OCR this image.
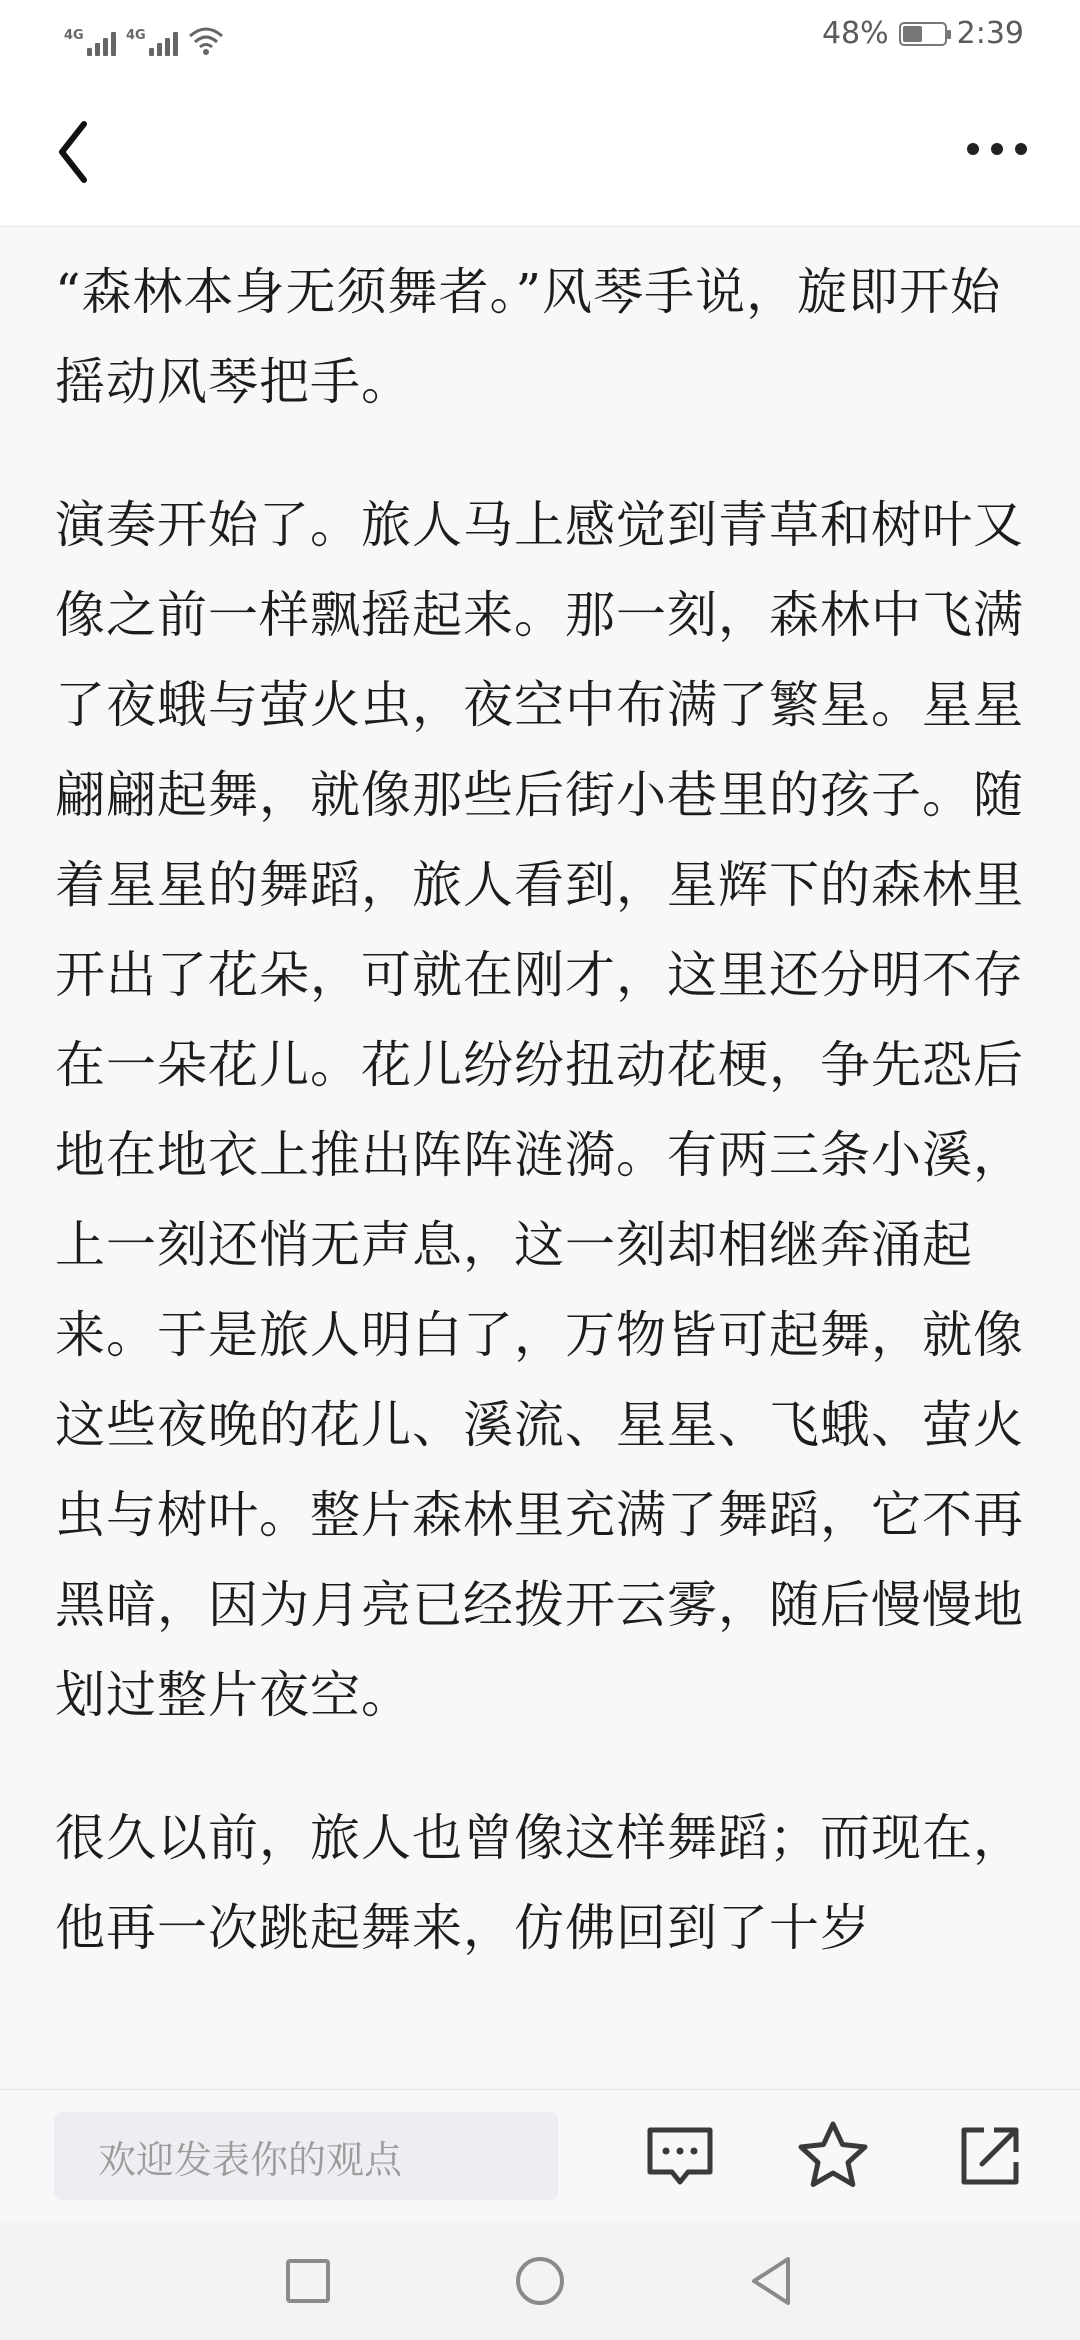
4G	4G	48% 2:39

“森林本身无须舞者。”风琴手说，旋即开始摇动风琴把手。

演奏开始了。旅人马上感觉到青草和树叶又像之前一样飘摇起来。那一刻，森林中飞满了夜蛾与萤火虫，夜空中布满了繁星。星星翩翩起舞，就像那些后街小巷里的孩子。随着星星的舞蹈，旅人看到，星辉下的森林里开出了花朵，可就在刚才，这里还分明不存在一朵花儿。花儿纷纷扭动花梗，争先恐后地在地衣上推出阵阵涟漪。有两三条小溪，上一刻还悄无声息，这一刻却相继奔涌起来。于是旅人明白了，万物皆可起舞，就像这些夜晚的花儿、溪流、星星、飞蛾、萤火虫与树叶。整片森林里充满了舞蹈，它不再黑暗，因为月亮已经拨开云雾，随后慢慢地划过整片夜空。

很久以前，旅人也曾像这样舞蹈；而现在，他再一次跳起舞来，仿佛回到了十岁

欢迎发表你的观点
